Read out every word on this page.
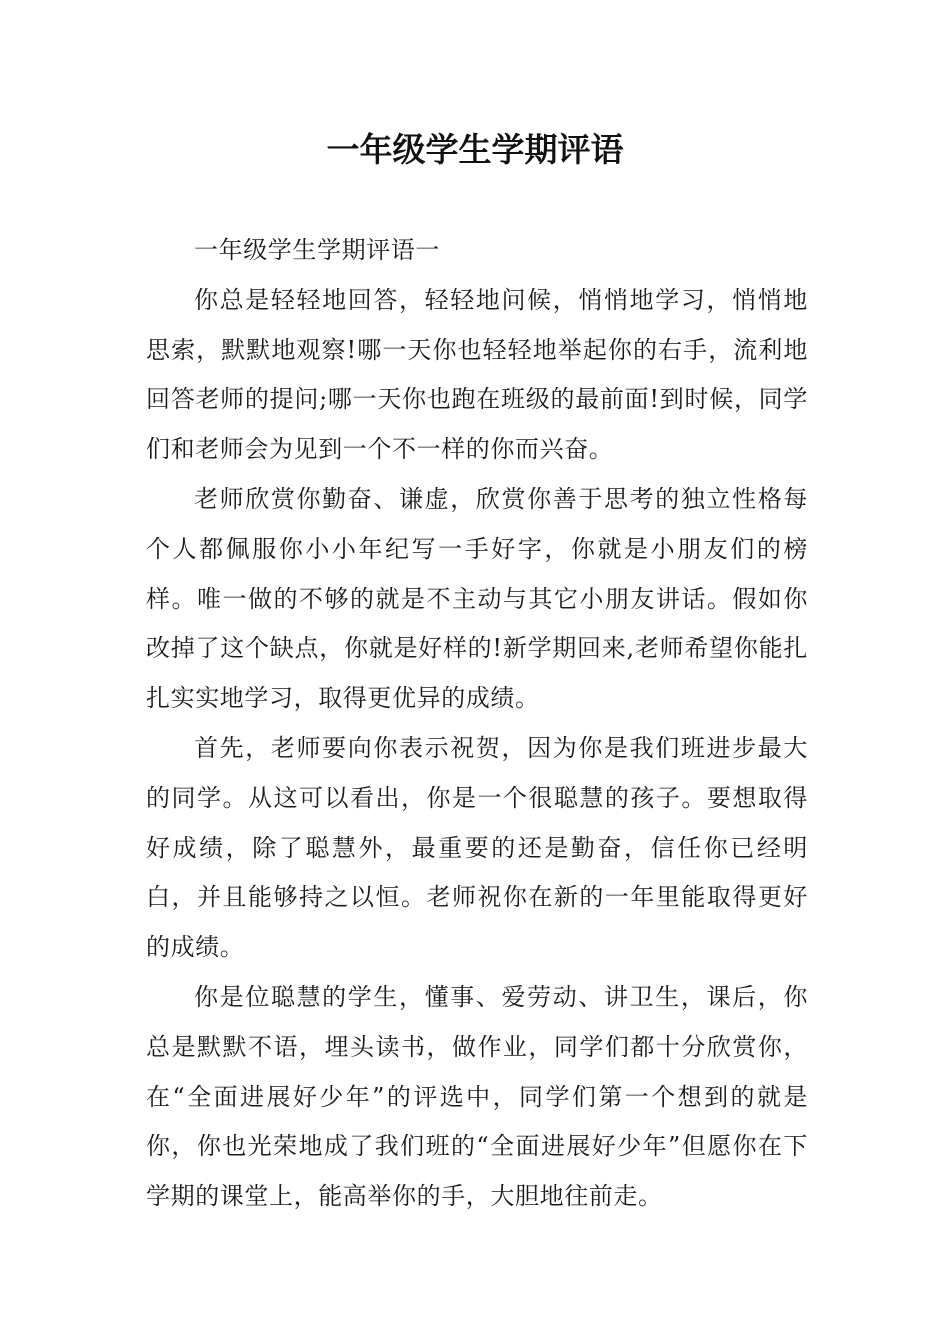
一年级学生学期评语

一年级学生学期评语一

你总是轻轻地回答，轻轻地问候，悄悄地学习，悄悄地思索，默默地观察!哪一天你也轻轻地举起你的右手，流利地回答老师的提问;哪一天你也跑在班级的最前面!到时候，同学们和老师会为见到一个不一样的你而兴奋。

老师欣赏你勤奋、谦虚，欣赏你善于思考的独立性格每个人都佩服你小小年纪写一手好字，你就是小朋友们的榜样。唯一做的不够的就是不主动与其它小朋友讲话。假如你改掉了这个缺点，你就是好样的!新学期回来,老师希望你能扎扎实实地学习，取得更优异的成绩。

首先，老师要向你表示祝贺，因为你是我们班进步最大的同学。从这可以看出，你是一个很聪慧的孩子。要想取得好成绩，除了聪慧外，最重要的还是勤奋，信任你已经明白，并且能够持之以恒。老师祝你在新的一年里能取得更好的成绩。

你是位聪慧的学生，懂事、爱劳动、讲卫生，课后，你总是默默不语，埋头读书，做作业，同学们都十分欣赏你，在“全面进展好少年”的评选中，同学们第一个想到的就是你，你也光荣地成了我们班的“全面进展好少年”但愿你在下学期的课堂上，能高举你的手，大胆地往前走。
